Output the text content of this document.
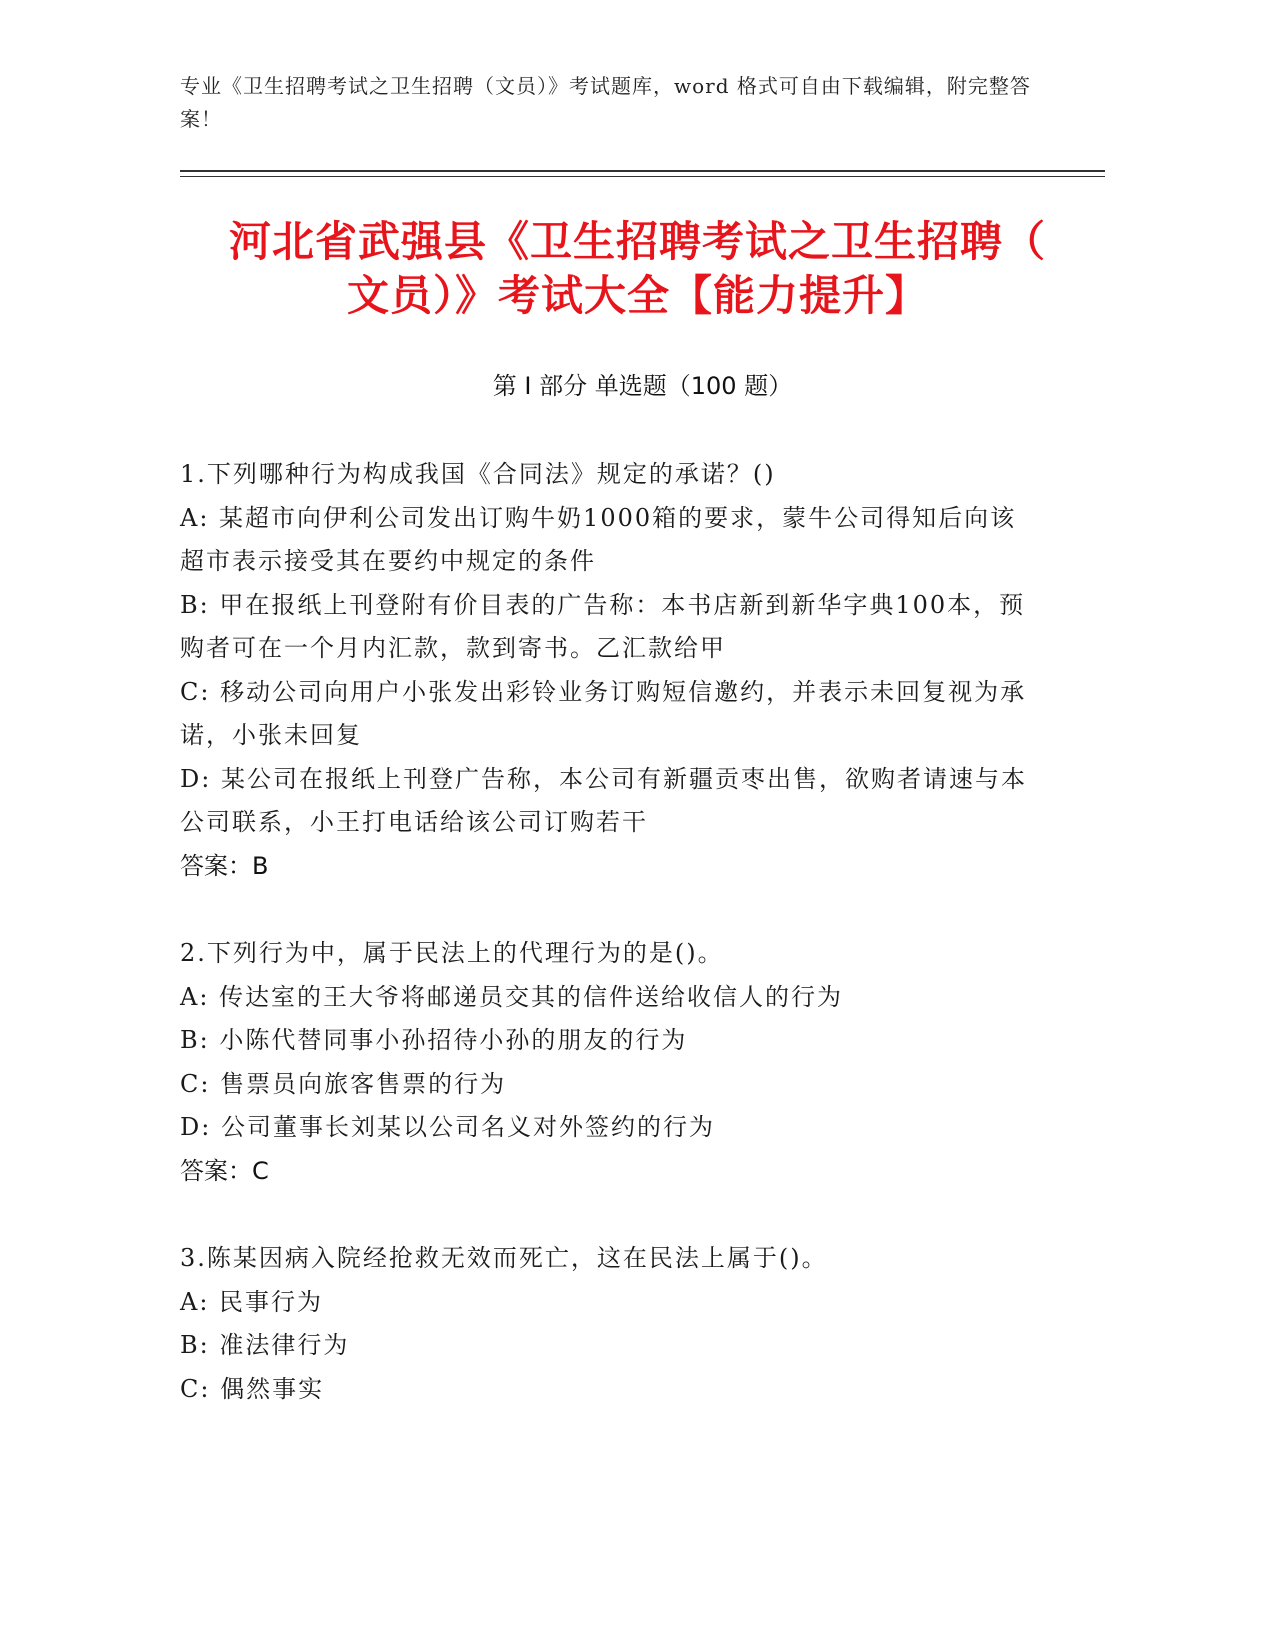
专业《卫生招聘考试之卫生招聘（文员）》考试题库，word 格式可自由下载编辑，附完整答案！
河北省武强县《卫生招聘考试之卫生招聘（
文员）》考试大全【能力提升】
第 I 部分 单选题（100 题）
1.下列哪种行为构成我国《合同法》规定的承诺？()
A: 某超市向伊利公司发出订购牛奶1000箱的要求，蒙牛公司得知后向该超市表示接受其在要约中规定的条件
B: 甲在报纸上刊登附有价目表的广告称：本书店新到新华字典100本，预购者可在一个月内汇款，款到寄书。乙汇款给甲
C: 移动公司向用户小张发出彩铃业务订购短信邀约，并表示未回复视为承诺，小张未回复
D: 某公司在报纸上刊登广告称，本公司有新疆贡枣出售，欲购者请速与本公司联系，小王打电话给该公司订购若干
答案：B
2.下列行为中，属于民法上的代理行为的是()。
A: 传达室的王大爷将邮递员交其的信件送给收信人的行为
B: 小陈代替同事小孙招待小孙的朋友的行为
C: 售票员向旅客售票的行为
D: 公司董事长刘某以公司名义对外签约的行为
答案：C
3.陈某因病入院经抢救无效而死亡，这在民法上属于()。
A: 民事行为
B: 准法律行为
C: 偶然事实
